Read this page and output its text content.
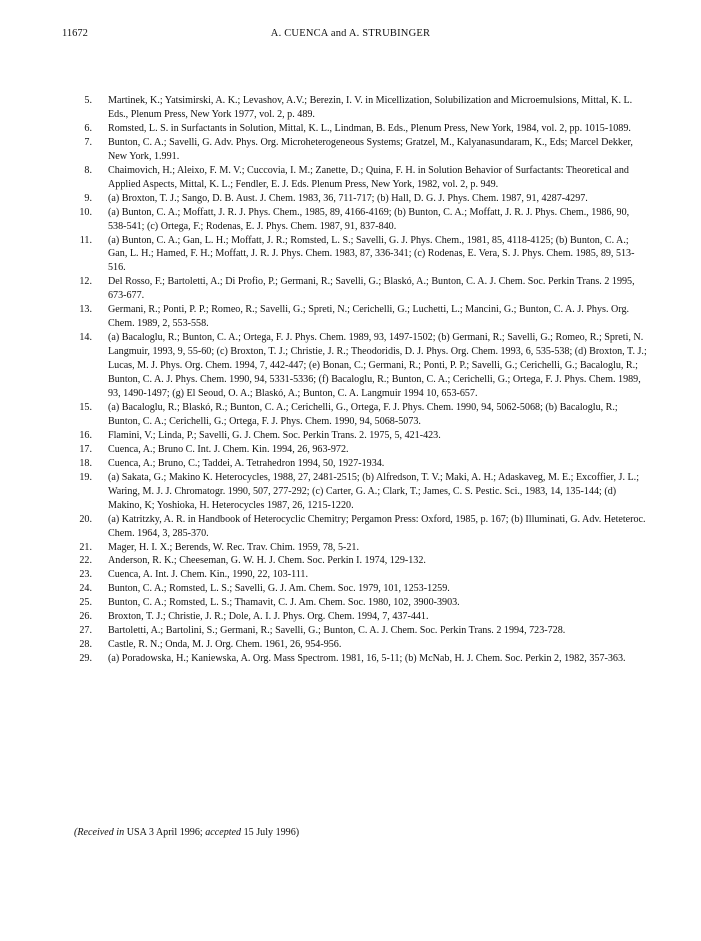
11672	A. CUENCA and A. STRUBINGER
5. Martinek, K.; Yatsimirski, A. K.; Levashov, A.V.; Berezin, I. V. in Micellization, Solubilization and Microemulsions, Mittal, K. L. Eds., Plenum Press, New York 1977, vol. 2, p. 489.
6. Romsted, L. S. in Surfactants in Solution, Mittal, K. L., Lindman, B. Eds., Plenum Press, New York, 1984, vol. 2, pp. 1015-1089.
7. Bunton, C. A.; Savelli, G. Adv. Phys. Org. Microheterogeneous Systems; Gratzel, M., Kalyanasundaram, K., Eds; Marcel Dekker, New York, 1.991.
8. Chaimovich, H.; Aleixo, F. M. V.; Cuccovia, I. M.; Zanette, D.; Quina, F. H. in Solution Behavior of Surfactants: Theoretical and Applied Aspects, Mittal, K. L.; Fendler, E. J. Eds. Plenum Press, New York, 1982, vol. 2, p. 949.
9. (a) Broxton, T. J.; Sango, D. B. Aust. J. Chem. 1983, 36, 711-717; (b) Hall, D. G. J. Phys. Chem. 1987, 91, 4287-4297.
10. (a) Bunton, C. A.; Moffatt, J. R. J. Phys. Chem., 1985, 89, 4166-4169; (b) Bunton, C. A.; Moffatt, J. R. J. Phys. Chem., 1986, 90, 538-541; (c) Ortega, F.; Rodenas, E. J. Phys. Chem. 1987, 91, 837-840.
11. (a) Bunton, C. A.; Gan, L. H.; Moffatt, J. R.; Romsted, L. S.; Savelli, G. J. Phys. Chem., 1981, 85, 4118-4125; (b) Bunton, C. A.; Gan, L. H.; Hamed, F. H.; Moffatt, J. R. J. Phys. Chem. 1983, 87, 336-341; (c) Rodenas, E. Vera, S. J. Phys. Chem. 1985, 89, 513-516.
12. Del Rosso, F.; Bartoletti, A.; Di Profio, P.; Germani, R.; Savelli, G.; Blaskó, A.; Bunton, C. A. J. Chem. Soc. Perkin Trans. 2 1995, 673-677.
13. Germani, R.; Ponti, P. P.; Romeo, R.; Savelli, G.; Spreti, N.; Cerichelli, G.; Luchetti, L.; Mancini, G.; Bunton, C. A. J. Phys. Org. Chem. 1989, 2, 553-558.
14. (a) Bacaloglu, R.; Bunton, C. A.; Ortega, F. J. Phys. Chem. 1989, 93, 1497-1502; (b) Germani, R.; Savelli, G.; Romeo, R.; Spreti, N. Langmuir, 1993, 9, 55-60; (c) Broxton, T. J.; Christie, J. R.; Theodoridis, D. J. Phys. Org. Chem. 1993, 6, 535-538; (d) Broxton, T. J.; Lucas, M. J. Phys. Org. Chem. 1994, 7, 442-447; (e) Bonan, C.; Germani, R.; Ponti, P. P.; Savelli, G.; Cerichelli, G.; Bacaloglu, R.; Bunton, C. A. J. Phys. Chem. 1990, 94, 5331-5336; (f) Bacaloglu, R.; Bunton, C. A.; Cerichelli, G.; Ortega, F. J. Phys. Chem. 1989, 93, 1490-1497; (g) El Seoud, O. A.; Blaskó, A.; Bunton, C. A. Langmuir 1994 10, 653-657.
15. (a) Bacaloglu, R.; Blaskó, R.; Bunton, C. A.; Cerichelli, G., Ortega, F. J. Phys. Chem. 1990, 94, 5062-5068; (b) Bacaloglu, R.; Bunton, C. A.; Cerichelli, G.; Ortega, F. J. Phys. Chem. 1990, 94, 5068-5073.
16. Flamini, V.; Linda, P.; Savelli, G. J. Chem. Soc. Perkin Trans. 2. 1975, 5, 421-423.
17. Cuenca, A.; Bruno C. Int. J. Chem. Kin. 1994, 26, 963-972.
18. Cuenca, A.; Bruno, C.; Taddei, A. Tetrahedron 1994, 50, 1927-1934.
19. (a) Sakata, G.; Makino K. Heterocycles, 1988, 27, 2481-2515; (b) Alfredson, T. V.; Maki, A. H.; Adaskaveg, M. E.; Excoffier, J. L.; Waring, M. J. J. Chromatogr. 1990, 507, 277-292; (c) Carter, G. A.; Clark, T.; James, C. S. Pestic. Sci., 1983, 14, 135-144; (d) Makino, K; Yoshioka, H. Heterocycles 1987, 26, 1215-1220.
20. (a) Katritzky, A. R. in Handbook of Heterocyclic Chemitry; Pergamon Press: Oxford, 1985, p. 167; (b) Illuminati, G. Adv. Heteteroc. Chem. 1964, 3, 285-370.
21. Mager, H. I. X.; Berends, W. Rec. Trav. Chim. 1959, 78, 5-21.
22. Anderson, R. K.; Cheeseman, G. W. H. J. Chem. Soc. Perkin I. 1974, 129-132.
23. Cuenca, A. Int. J. Chem. Kin., 1990, 22, 103-111.
24. Bunton, C. A.; Romsted, L. S.; Savelli, G. J. Am. Chem. Soc. 1979, 101, 1253-1259.
25. Bunton, C. A.; Romsted, L. S.; Thamavit, C. J. Am. Chem. Soc. 1980, 102, 3900-3903.
26. Broxton, T. J.; Christie, J. R.; Dole, A. I. J. Phys. Org. Chem. 1994, 7, 437-441.
27. Bartoletti, A.; Bartolini, S.; Germani, R.; Savelli, G.; Bunton, C. A. J. Chem. Soc. Perkin Trans. 2 1994, 723-728.
28. Castle, R. N.; Onda, M. J. Org. Chem. 1961, 26, 954-956.
29. (a) Poradowska, H.; Kaniewska, A. Org. Mass Spectrom. 1981, 16, 5-11; (b) McNab, H. J. Chem. Soc. Perkin 2, 1982, 357-363.
(Received in USA 3 April 1996; accepted 15 July 1996)
